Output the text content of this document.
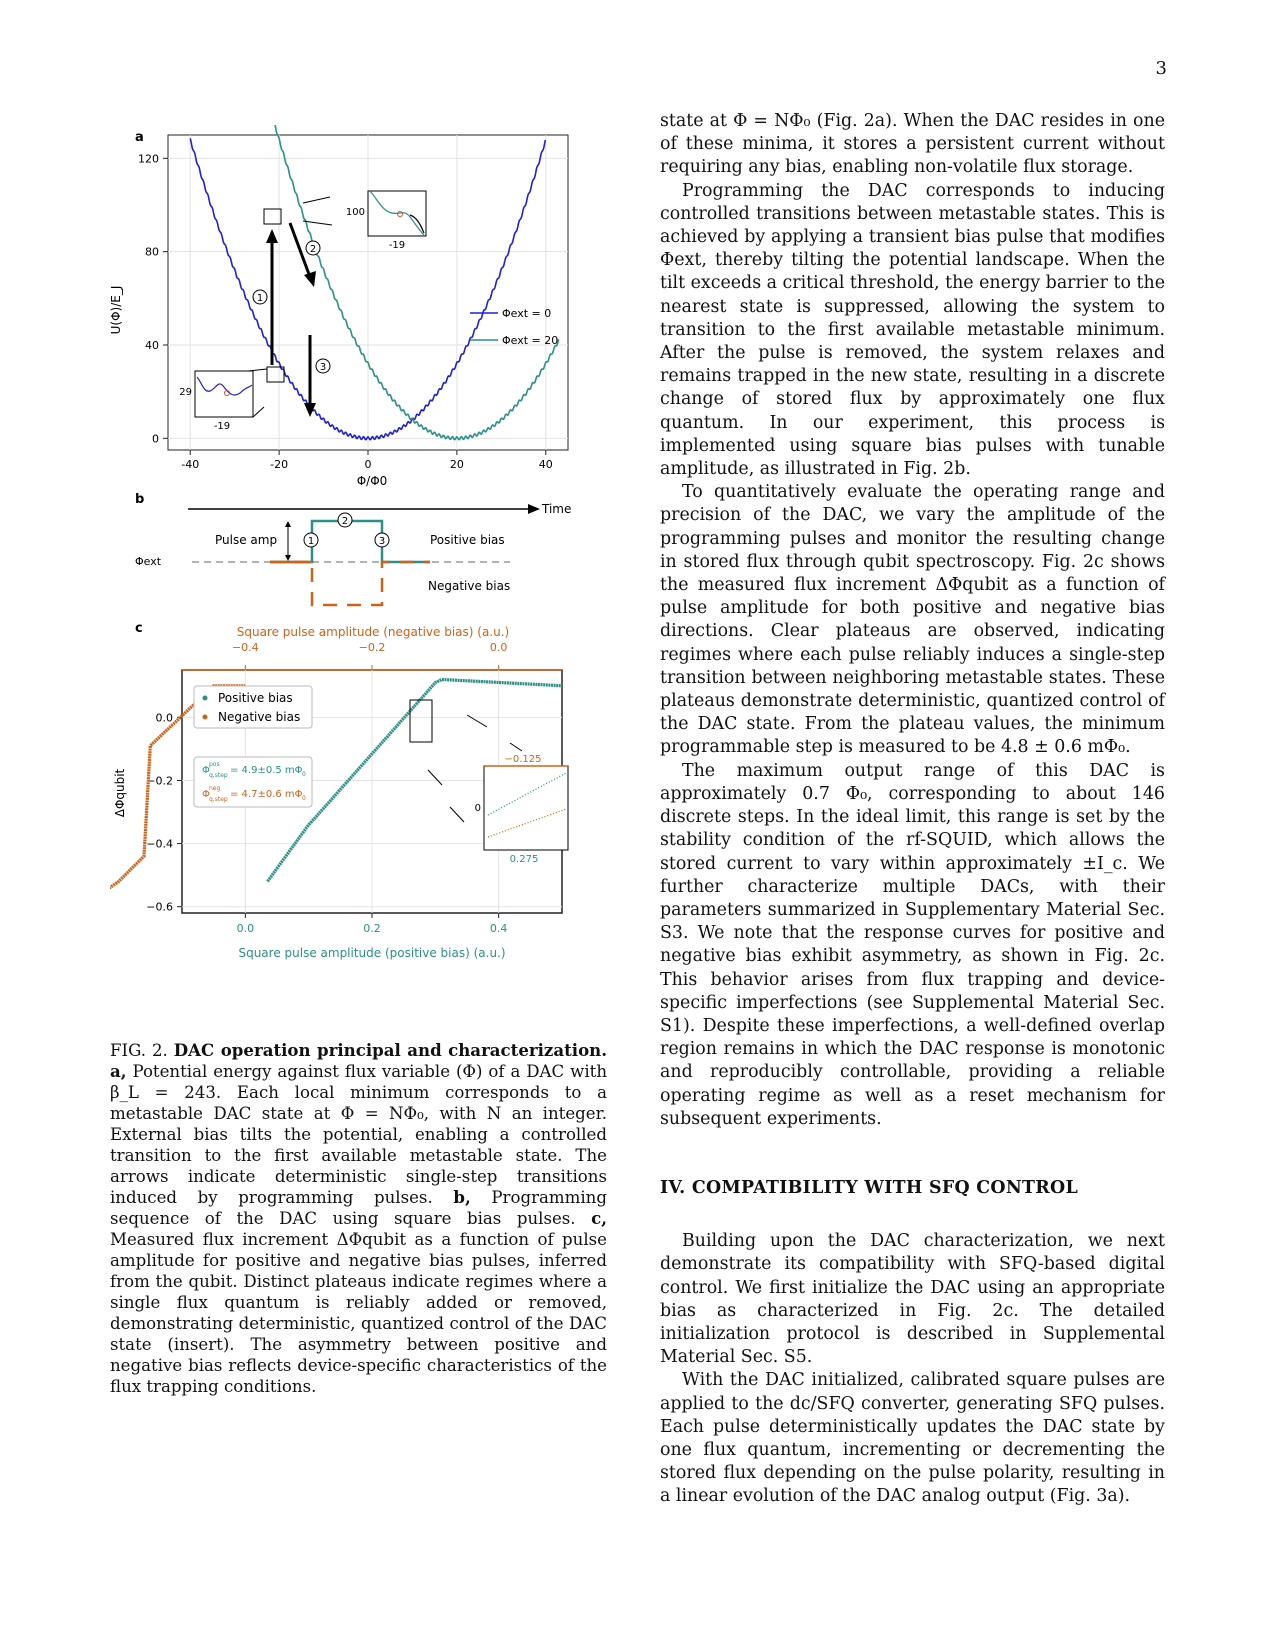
3
a
-40	-20	0	20	40
0
40
80
120
U(Φ)/E_J
Φ/Φ0
1
2
3
100
-19
29
-19
Φext = 0
Φext = 20
b
Time
Φext
Pulse amp	1
2
3	Positive bias
Negative bias
c	Square pulse amplitude (negative bias) (a.u.)
0.0	0.2	0.4
−0.4	−0.2	0.0
0.0
−0.2
−0.4
−0.6
ΔΦqubit
Square pulse amplitude (positive bias) (a.u.)
Positive bias
Negative bias
Φ
pos
q,step = 4.9±0.5 mΦ 0
Φ
neg
q,step = 4.7±0.6 mΦ 0
−0.125
0.275
0
FIG. 2. DAC operation principal and characterization. a, Potential energy against flux variable (Φ) of a DAC with β_L = 243. Each local minimum corresponds to a metastable DAC state at Φ = NΦ₀, with N an integer. External bias tilts the potential, enabling a controlled transition to the first available metastable state. The arrows indicate deterministic single-step transitions induced by programming pulses. b, Programming sequence of the DAC using square bias pulses. c, Measured flux increment ΔΦqubit as a function of pulse amplitude for positive and negative bias pulses, inferred from the qubit. Distinct plateaus indicate regimes where a single flux quantum is reliably added or removed, demonstrating deterministic, quantized control of the DAC state (insert). The asymmetry between positive and negative bias reflects device-specific characteristics of the flux trapping conditions.

state at Φ = NΦ₀ (Fig. 2a). When the DAC resides in one of these minima, it stores a persistent current without requiring any bias, enabling non-volatile flux storage.

Programming the DAC corresponds to inducing controlled transitions between metastable states. This is achieved by applying a transient bias pulse that modifies Φext, thereby tilting the potential landscape. When the tilt exceeds a critical threshold, the energy barrier to the nearest state is suppressed, allowing the system to transition to the first available metastable minimum. After the pulse is removed, the system relaxes and remains trapped in the new state, resulting in a discrete change of stored flux by approximately one flux quantum. In our experiment, this process is implemented using square bias pulses with tunable amplitude, as illustrated in Fig. 2b.

To quantitatively evaluate the operating range and precision of the DAC, we vary the amplitude of the programming pulses and monitor the resulting change in stored flux through qubit spectroscopy. Fig. 2c shows the measured flux increment ΔΦqubit as a function of pulse amplitude for both positive and negative bias directions. Clear plateaus are observed, indicating regimes where each pulse reliably induces a single-step transition between neighboring metastable states. These plateaus demonstrate deterministic, quantized control of the DAC state. From the plateau values, the minimum programmable step is measured to be 4.8 ± 0.6 mΦ₀.

The maximum output range of this DAC is approximately 0.7 Φ₀, corresponding to about 146 discrete steps. In the ideal limit, this range is set by the stability condition of the rf-SQUID, which allows the stored current to vary within approximately ±I_c. We further characterize multiple DACs, with their parameters summarized in Supplementary Material Sec. S3. We note that the response curves for positive and negative bias exhibit asymmetry, as shown in Fig. 2c. This behavior arises from flux trapping and device-specific imperfections (see Supplemental Material Sec. S1). Despite these imperfections, a well-defined overlap region remains in which the DAC response is monotonic and reproducibly controllable, providing a reliable operating regime as well as a reset mechanism for subsequent experiments.

IV. COMPATIBILITY WITH SFQ CONTROL

Building upon the DAC characterization, we next demonstrate its compatibility with SFQ-based digital control. We first initialize the DAC using an appropriate bias as characterized in Fig. 2c. The detailed initialization protocol is described in Supplemental Material Sec. S5.

With the DAC initialized, calibrated square pulses are applied to the dc/SFQ converter, generating SFQ pulses. Each pulse deterministically updates the DAC state by one flux quantum, incrementing or decrementing the stored flux depending on the pulse polarity, resulting in a linear evolution of the DAC analog output (Fig. 3a).
